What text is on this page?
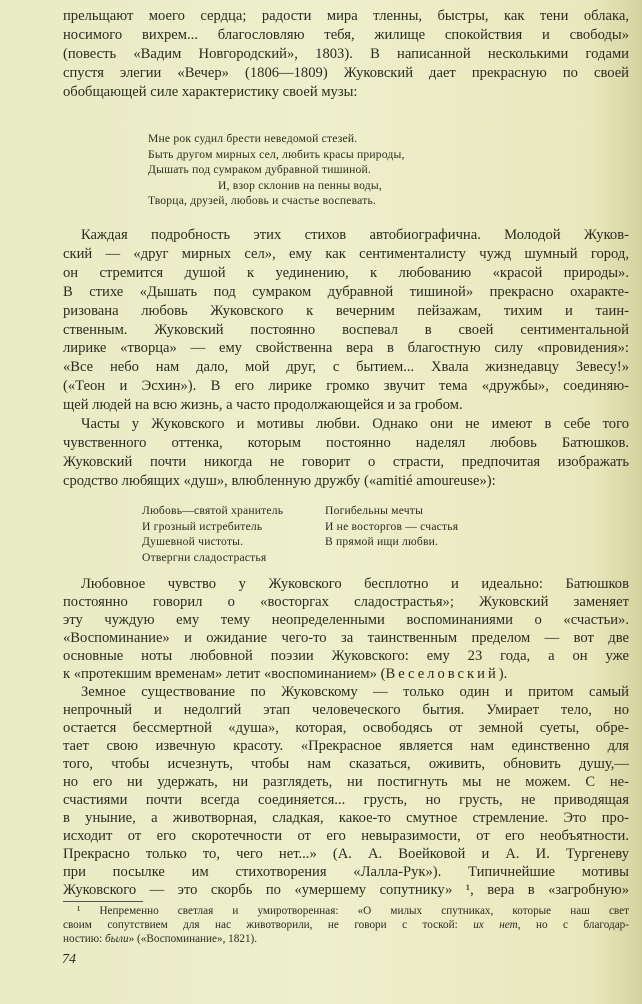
прельщают моего сердца; радости мира тленны, быстры, как тени облака,
носимого вихрем... благословляю тебя, жилище спокойствия и свободы»
(повесть «Вадим Новгородский», 1803). В написанной несколькими годами
спустя элегии «Вечер» (1806—1809) Жуковский дает прекрасную по своей
обобщающей силе характеристику своей музы:
Мне рок судил брести неведомой стезей.
Быть другом мирных сел, любить красы природы,
Дышать под сумраком дубравной тишиной.
И, взор склонив на пенны воды,
Творца, друзей, любовь и счастье воспевать.
Каждая подробность этих стихов автобиографична. Молодой Жуков-
ский — «друг мирных сел», ему как сентименталисту чужд шумный город,
он стремится душой к уединению, к любованию «красой природы».
В стихе «Дышать под сумраком дубравной тишиной» прекрасно охаракте-
ризована любовь Жуковского к вечерним пейзажам, тихим и таин-
ственным. Жуковский постоянно воспевал в своей сентиментальной
лирике «творца» — ему свойственна вера в благостную силу «провидения»:
«Все небо нам дало, мой друг, с бытием... Хвала жизнедавцу Зевесу!»
(«Теон и Эсхин»). В его лирике громко звучит тема «дружбы», соединяю-
щей людей на всю жизнь, а часто продолжающейся и за гробом.
Часты у Жуковского и мотивы любви. Однако они не имеют в себе того
чувственного оттенка, которым постоянно наделял любовь Батюшков.
Жуковский почти никогда не говорит о страсти, предпочитая изображать
сродство любящих «душ», влюбленную дружбу («amitié amoureuse»):
Любовь—святой хранитель
И грозный истребитель
Душевной чистоты.
Отвергни сладострастья
Погибельны мечты
И не восторгов — счастья
В прямой ищи любви.
Любовное чувство у Жуковского бесплотно и идеально: Батюшков
постоянно говорил о «восторгах сладострастья»; Жуковский заменяет
эту чуждую ему тему неопределенными воспоминаниями о «счастьи».
«Воспоминание» и ожидание чего-то за таинственным пределом — вот две
основные ноты любовной поэзии Жуковского: ему 23 года, а он уже
к «протекшим временам» летит «воспоминанием» (Веселовский).
Земное существование по Жуковскому — только один и притом самый
непрочный и недолгий этап человеческого бытия. Умирает тело, но
остается бессмертной «душа», которая, освободясь от земной суеты, обре-
тает свою извечную красоту. «Прекрасное является нам единственно для
того, чтобы исчезнуть, чтобы нам сказаться, оживить, обновить душу,—
но его ни удержать, ни разглядеть, ни постигнуть мы не можем. С не-
счастиями почти всегда соединяется... грусть, но грусть, не приводящая
в уныние, а животворная, сладкая, какое-то смутное стремление. Это про-
исходит от его скоротечности от его невыразимости, от его необъятности.
Прекрасно только то, чего нет...» (А. А. Воейковой и А. И. Тургеневу
при посылке им стихотворения «Лалла-Рук»). Типичнейшие мотивы
Жуковского — это скорбь по «умершему сопутнику» ¹, вера в «загробную»
¹ Непременно светлая и умиротворенная: «О милых спутниках, которые наш свет
своим сопутствием для нас животворили, не говори с тоской: их нет, но с благодар-
ностию: были» («Воспоминание», 1821).
74
